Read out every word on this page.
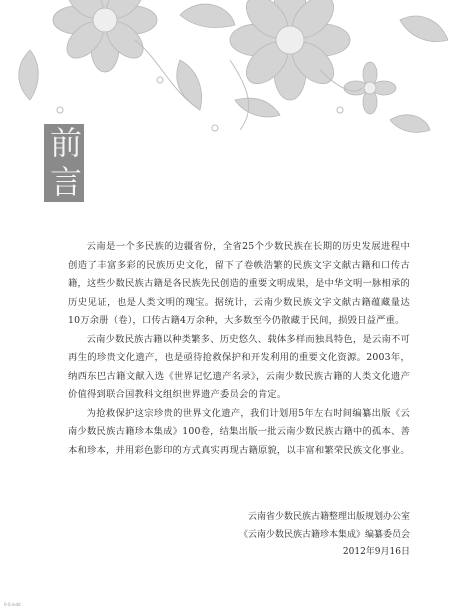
前
言

云南是一个多民族的边疆省份，全省25个少数民族在长期的历史发展进程中创造了丰富多彩的民族历史文化，留下了卷帙浩繁的民族文字文献古籍和口传古籍，这些少数民族古籍是各民族先民创造的重要文明成果，是中华文明一脉相承的历史见证，也是人类文明的瑰宝。据统计，云南少数民族文字文献古籍蕴藏量达10万余册（卷），口传古籍4万余种，大多数至今仍散藏于民间，损毁日益严重。

云南少数民族古籍以种类繁多、历史悠久、载体多样而独具特色，是云南不可再生的珍贵文化遗产，也是亟待抢救保护和开发利用的重要文化资源。2003年，纳西东巴古籍文献入选《世界记忆遗产名录》，云南少数民族古籍的人类文化遗产价值得到联合国教科文组织世界遗产委员会的肯定。

为抢救保护这宗珍贵的世界文化遗产，我们计划用5年左右时间编纂出版《云南少数民族古籍珍本集成》100卷，结集出版一批云南少数民族古籍中的孤本、善本和珍本，并用彩色影印的方式真实再现古籍原貌，以丰富和繁荣民族文化事业。

云南省少数民族古籍整理出版规划办公室
《云南少数民族古籍珍本集成》编纂委员会
2012年9月16日
0-0.indd
